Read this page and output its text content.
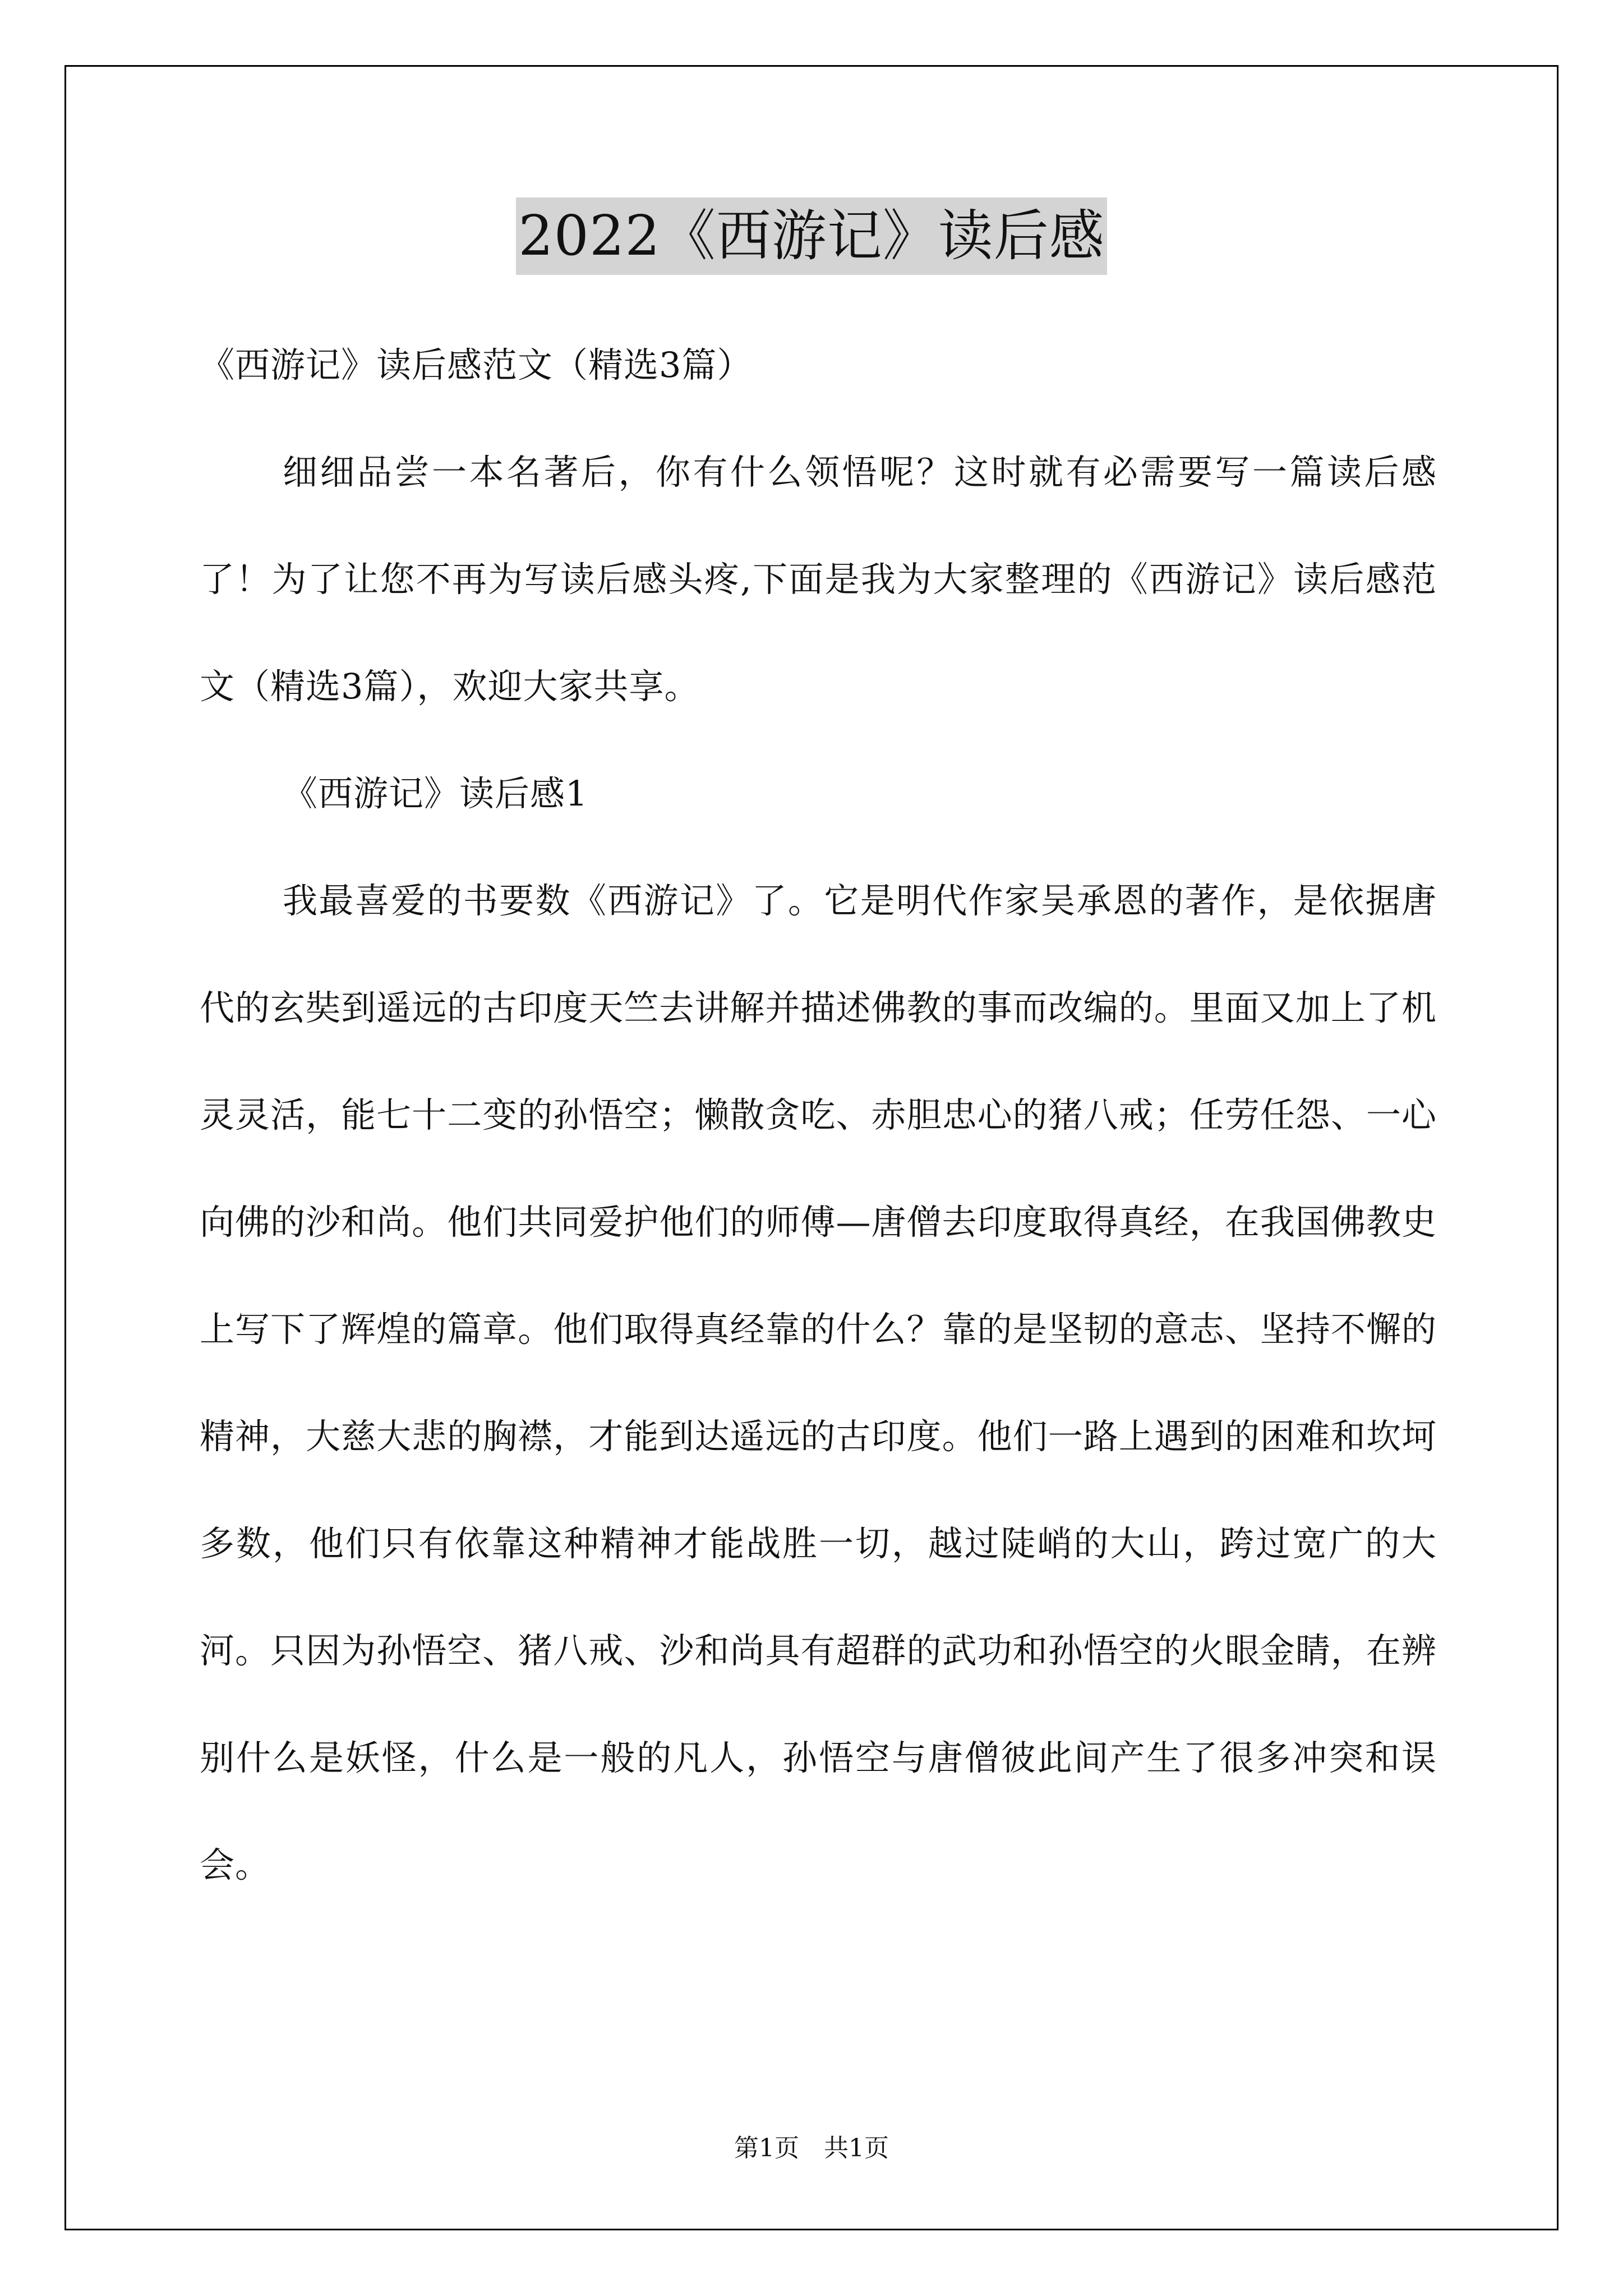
2022《西游记》读后感

《西游记》读后感范文（精选3篇）

细细品尝一本名著后，你有什么领悟呢？这时就有必需要写一篇读后感了！为了让您不再为写读后感头疼,下面是我为大家整理的《西游记》读后感范文（精选3篇），欢迎大家共享。

《西游记》读后感1

我最喜爱的书要数《西游记》了。它是明代作家吴承恩的著作，是依据唐代的玄奘到遥远的古印度天竺去讲解并描述佛教的事而改编的。里面又加上了机灵灵活，能七十二变的孙悟空；懒散贪吃、赤胆忠心的猪八戒；任劳任怨、一心向佛的沙和尚。他们共同爱护他们的师傅—唐僧去印度取得真经，在我国佛教史上写下了辉煌的篇章。他们取得真经靠的什么？靠的是坚韧的意志、坚持不懈的精神，大慈大悲的胸襟，才能到达遥远的古印度。他们一路上遇到的困难和坎坷多数，他们只有依靠这种精神才能战胜一切，越过陡峭的大山，跨过宽广的大河。只因为孙悟空、猪八戒、沙和尚具有超群的武功和孙悟空的火眼金睛，在辨别什么是妖怪，什么是一般的凡人，孙悟空与唐僧彼此间产生了很多冲突和误会。

第1页　共1页
